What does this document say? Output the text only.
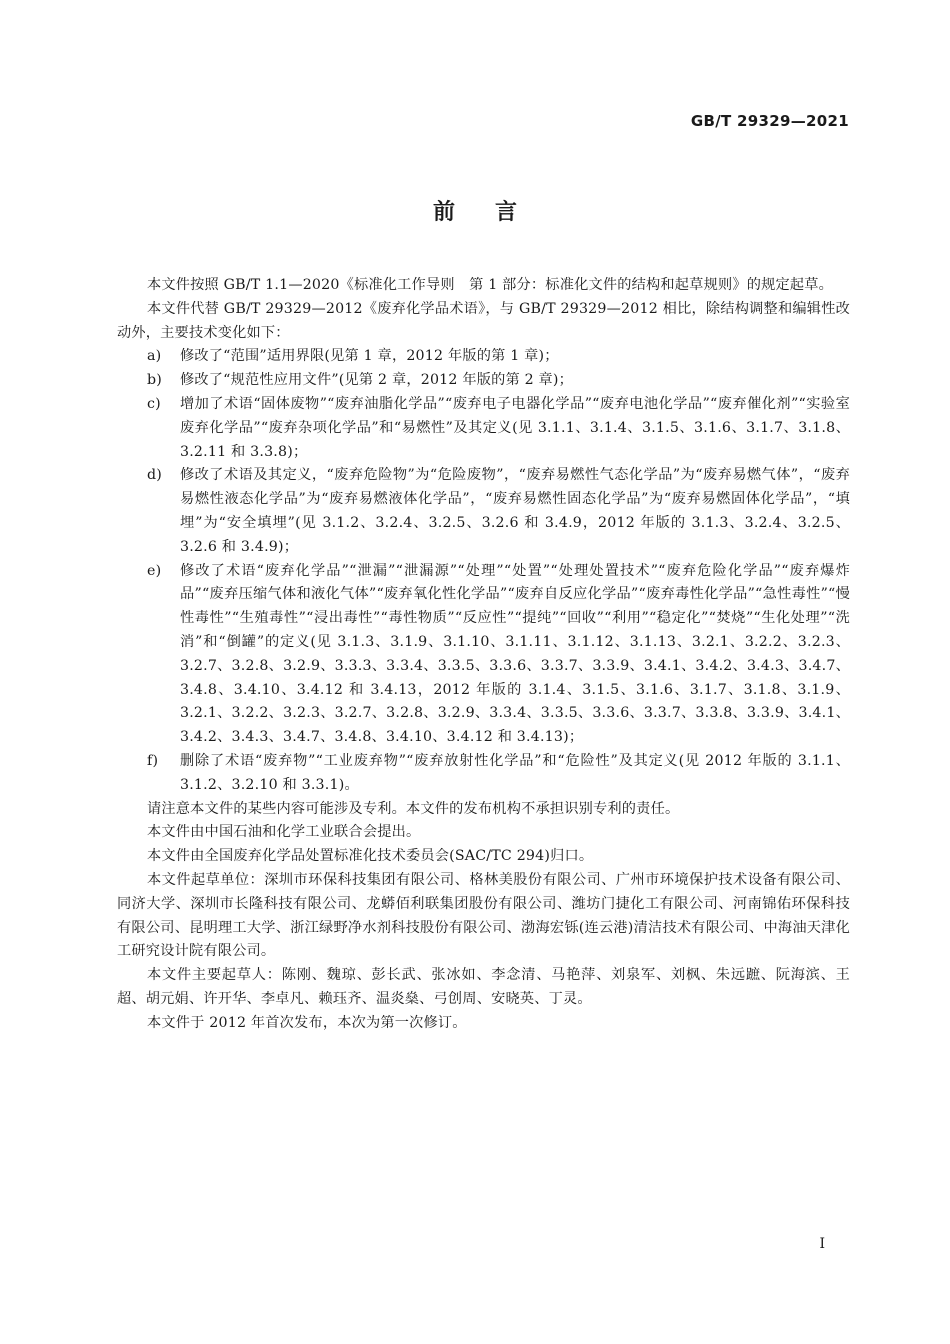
GB/T 29329—2021
前言

本文件按照 GB/T 1.1—2020《标准化工作导则　第 1 部分：标准化文件的结构和起草规则》的规定起草。

本文件代替 GB/T 29329—2012《废弃化学品术语》，与 GB/T 29329—2012 相比，除结构调整和编辑性改动外，主要技术变化如下：

a) 修改了“范围”适用界限(见第 1 章，2012 年版的第 1 章)；
b) 修改了“规范性应用文件”(见第 2 章，2012 年版的第 2 章)；
c) 增加了术语“固体废物”“废弃油脂化学品”“废弃电子电器化学品”“废弃电池化学品”“废弃催化剂”“实验室废弃化学品”“废弃杂项化学品”和“易燃性”及其定义(见 3.1.1、3.1.4、3.1.5、3.1.6、3.1.7、3.1.8、3.2.11 和 3.3.8)；
d) 修改了术语及其定义，“废弃危险物”为“危险废物”，“废弃易燃性气态化学品”为“废弃易燃气体”，“废弃易燃性液态化学品”为“废弃易燃液体化学品”，“废弃易燃性固态化学品”为“废弃易燃固体化学品”，“填埋”为“安全填埋”(见 3.1.2、3.2.4、3.2.5、3.2.6 和 3.4.9，2012 年版的 3.1.3、3.2.4、3.2.5、3.2.6 和 3.4.9)；
e) 修改了术语“废弃化学品”“泄漏”“泄漏源”“处理”“处置”“处理处置技术”“废弃危险化学品”“废弃爆炸品”“废弃压缩气体和液化气体”“废弃氧化性化学品”“废弃自反应化学品”“废弃毒性化学品”“急性毒性”“慢性毒性”“生殖毒性”“浸出毒性”“毒性物质”“反应性”“提纯”“回收”“利用”“稳定化”“焚烧”“生化处理”“洗消”和“倒罐”的定义(见 3.1.3、3.1.9、3.1.10、3.1.11、3.1.12、3.1.13、3.2.1、3.2.2、3.2.3、3.2.7、3.2.8、3.2.9、3.3.3、3.3.4、3.3.5、3.3.6、3.3.7、3.3.9、3.4.1、3.4.2、3.4.3、3.4.7、3.4.8、3.4.10、3.4.12 和 3.4.13，2012 年版的 3.1.4、3.1.5、3.1.6、3.1.7、3.1.8、3.1.9、3.2.1、3.2.2、3.2.3、3.2.7、3.2.8、3.2.9、3.3.4、3.3.5、3.3.6、3.3.7、3.3.8、3.3.9、3.4.1、3.4.2、3.4.3、3.4.7、3.4.8、3.4.10、3.4.12 和 3.4.13)；
f) 删除了术语“废弃物”“工业废弃物”“废弃放射性化学品”和“危险性”及其定义(见 2012 年版的 3.1.1、3.1.2、3.2.10 和 3.3.1)。

请注意本文件的某些内容可能涉及专利。本文件的发布机构不承担识别专利的责任。

本文件由中国石油和化学工业联合会提出。

本文件由全国废弃化学品处置标准化技术委员会(SAC/TC 294)归口。

本文件起草单位：深圳市环保科技集团有限公司、格林美股份有限公司、广州市环境保护技术设备有限公司、同济大学、深圳市长隆科技有限公司、龙蟒佰利联集团股份有限公司、潍坊门捷化工有限公司、河南锦佑环保科技有限公司、昆明理工大学、浙江绿野净水剂科技股份有限公司、渤海宏铄(连云港)清洁技术有限公司、中海油天津化工研究设计院有限公司。

本文件主要起草人：陈刚、魏琼、彭长武、张冰如、李念清、马艳萍、刘泉军、刘枫、朱远蹠、阮海滨、王超、胡元娟、许开华、李卓凡、赖珏齐、温炎燊、弓创周、安晓英、丁灵。

本文件于 2012 年首次发布，本次为第一次修订。

I
